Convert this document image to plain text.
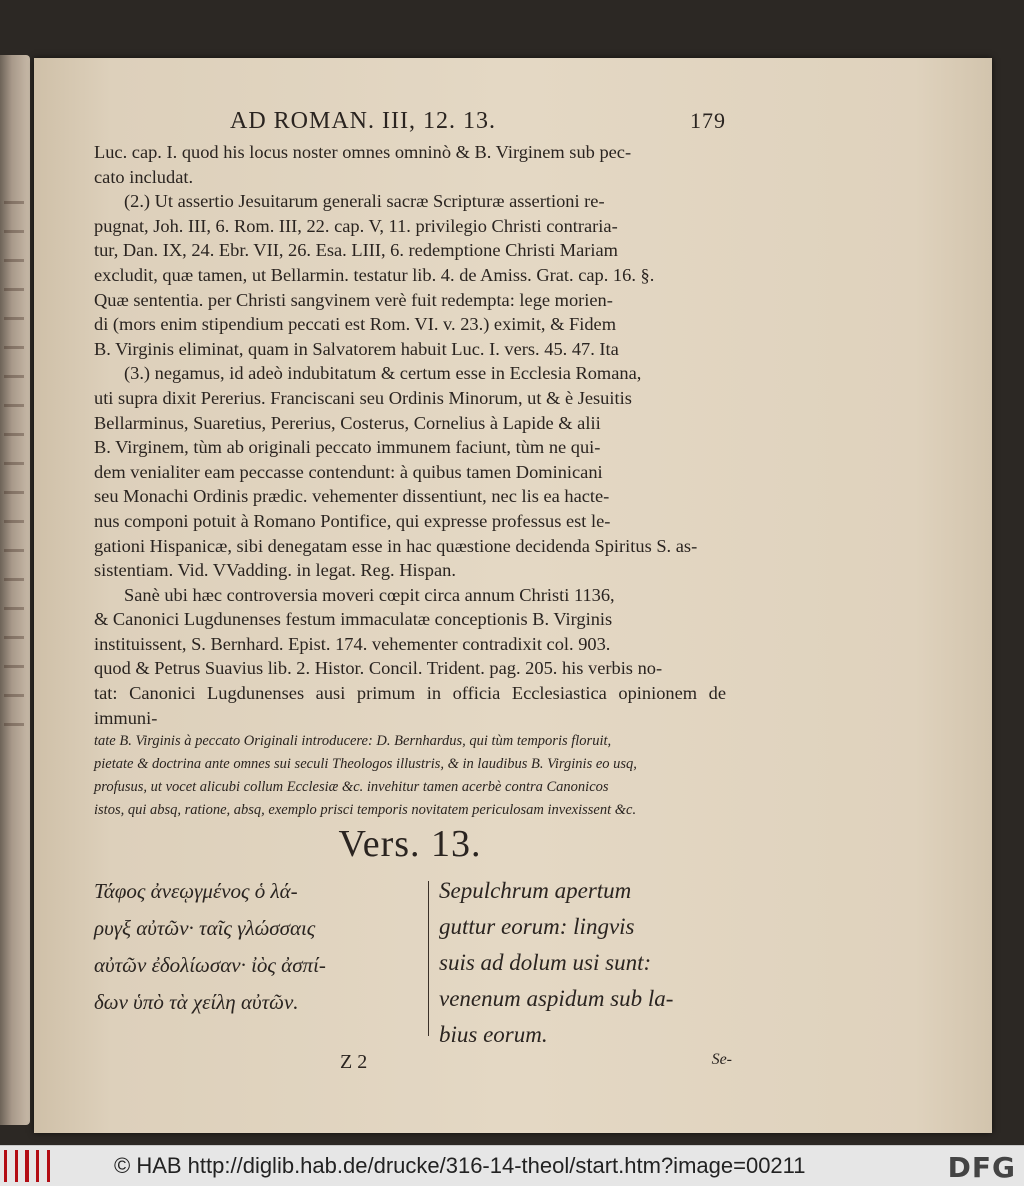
AD ROMAN. III, 12. 13.	179

Luc. cap. I. quod his locus noster omnes omninò & B. Virginem sub pec-

cato includat.

(2.) Ut assertio Jesuitarum generali sacræ Scripturæ assertioni re-

pugnat, Joh. III, 6. Rom. III, 22. cap. V, 11. privilegio Christi contraria-

tur, Dan. IX, 24. Ebr. VII, 26. Esa. LIII, 6. redemptione Christi Mariam

excludit, quæ tamen, ut Bellarmin. testatur lib. 4. de Amiss. Grat. cap. 16. §.

Quæ sententia. per Christi sangvinem verè fuit redempta: lege morien-

di (mors enim stipendium peccati est Rom. VI. v. 23.) eximit, & Fidem

B. Virginis eliminat, quam in Salvatorem habuit Luc. I. vers. 45. 47. Ita

(3.) negamus, id adeò indubitatum & certum esse in Ecclesia Romana,

uti supra dixit Pererius. Franciscani seu Ordinis Minorum, ut & è Jesuitis

Bellarminus, Suaretius, Pererius, Costerus, Cornelius à Lapide & alii

B. Virginem, tùm ab originali peccato immunem faciunt, tùm ne qui-

dem venialiter eam peccasse contendunt: à quibus tamen Dominicani

seu Monachi Ordinis prædic. vehementer dissentiunt, nec lis ea hacte-

nus componi potuit à Romano Pontifice, qui expresse professus est le-

gationi Hispanicæ, sibi denegatam esse in hac quæstione decidenda Spiritus S. as-

sistentiam. Vid. VVadding. in legat. Reg. Hispan.

Sanè ubi hæc controversia moveri cœpit circa annum Christi 1136,

& Canonici Lugdunenses festum immaculatæ conceptionis B. Virginis

instituissent, S. Bernhard. Epist. 174. vehementer contradixit col. 903.

quod & Petrus Suavius lib. 2. Histor. Concil. Trident. pag. 205. his verbis no-

tat: Canonici Lugdunenses ausi primum in officia Ecclesiastica opinionem de immuni-

tate B. Virginis à peccato Originali introducere: D. Bernhardus, qui tùm temporis floruit,

pietate & doctrina ante omnes sui seculi Theologos illustris, & in laudibus B. Virginis eo usq,

profusus, ut vocet alicubi collum Ecclesiæ &c. invehitur tamen acerbè contra Canonicos

istos, qui absq, ratione, absq, exemplo prisci temporis novitatem periculosam invexissent &c.

Vers. 13.
Τάφος ἀνεῳγμένος ὁ λά-
ρυγξ αὐτῶν· ταῖς γλώσσαις
αὐτῶν ἐδολίωσαν· ἰὸς ἀσπί-
δων ὑπὸ τὰ χείλη αὐτῶν.
Sepulchrum apertum
guttur eorum: lingvis
suis ad dolum usi sunt:
venenum aspidum sub la-
bius eorum.
Z 2	Se-
© HAB http://diglib.hab.de/drucke/316-14-theol/start.htm?image=00211	DFG
